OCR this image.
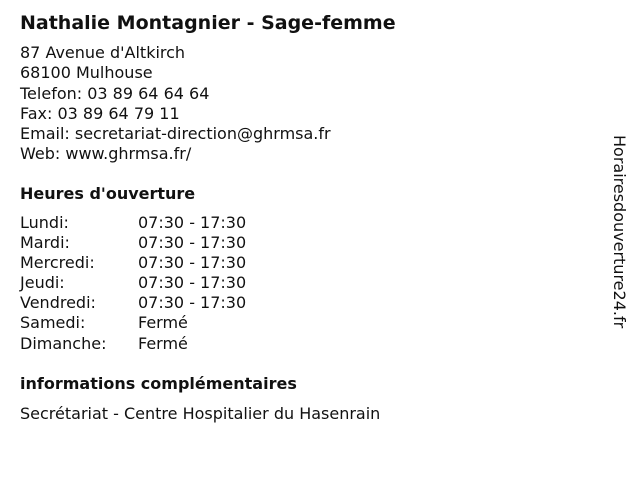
Nathalie Montagnier - Sage-femme
87 Avenue d'Altkirch
68100 Mulhouse
Telefon: 03 89 64 64 64
Fax: 03 89 64 79 11
Email: secretariat-direction@ghrmsa.fr
Web: www.ghrmsa.fr/
Heures d'ouverture
Lundi:	07:30 - 17:30
Mardi:	07:30 - 17:30
Mercredi:	07:30 - 17:30
Jeudi:	07:30 - 17:30
Vendredi:	07:30 - 17:30
Samedi:	Fermé
Dimanche:	Fermé
informations complémentaires
Secrétariat - Centre Hospitalier du Hasenrain
Horairesdouverture24.fr
